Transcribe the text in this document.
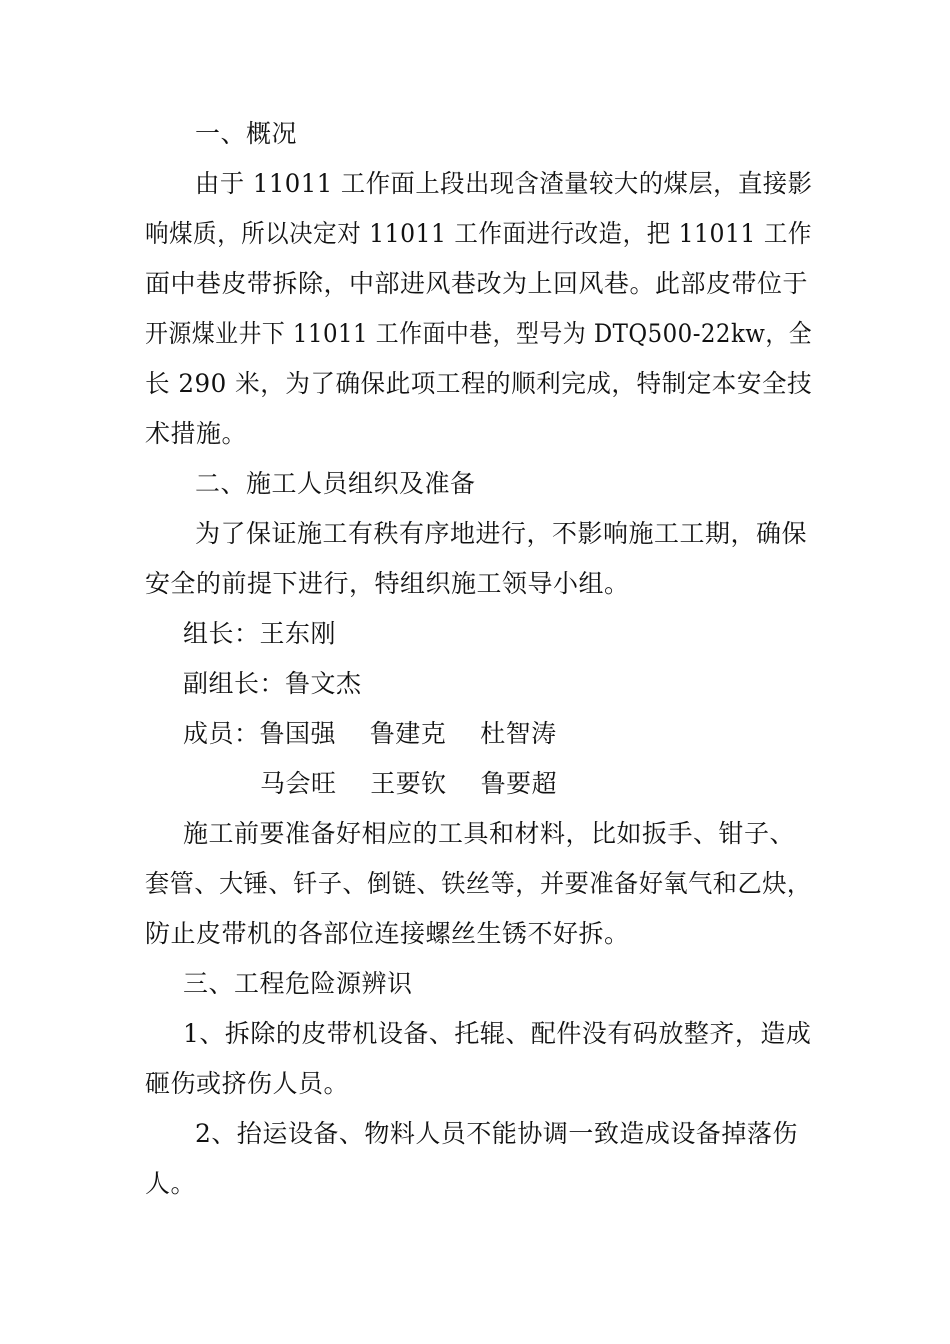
一、概况
由于 11011 工作面上段出现含渣量较大的煤层，直接影
响煤质，所以决定对 11011 工作面进行改造，把 11011 工作
面中巷皮带拆除，中部进风巷改为上回风巷。此部皮带位于
开源煤业井下 11011 工作面中巷，型号为 DTQ500-22kw，全
长 290 米，为了确保此项工程的顺利完成，特制定本安全技
术措施。
二、施工人员组织及准备
为了保证施工有秩有序地进行，不影响施工工期，确保
安全的前提下进行，特组织施工领导小组。
组长：王东刚
副组长：鲁文杰
成员：鲁国强    鲁建克    杜智涛
马会旺    王要钦    鲁要超
施工前要准备好相应的工具和材料，比如扳手、钳子、
套管、大锤、钎子、倒链、铁丝等，并要准备好氧气和乙炔，
防止皮带机的各部位连接螺丝生锈不好拆。
三、工程危险源辨识
1、拆除的皮带机设备、托辊、配件没有码放整齐，造成
砸伤或挤伤人员。
2、抬运设备、物料人员不能协调一致造成设备掉落伤
人。
